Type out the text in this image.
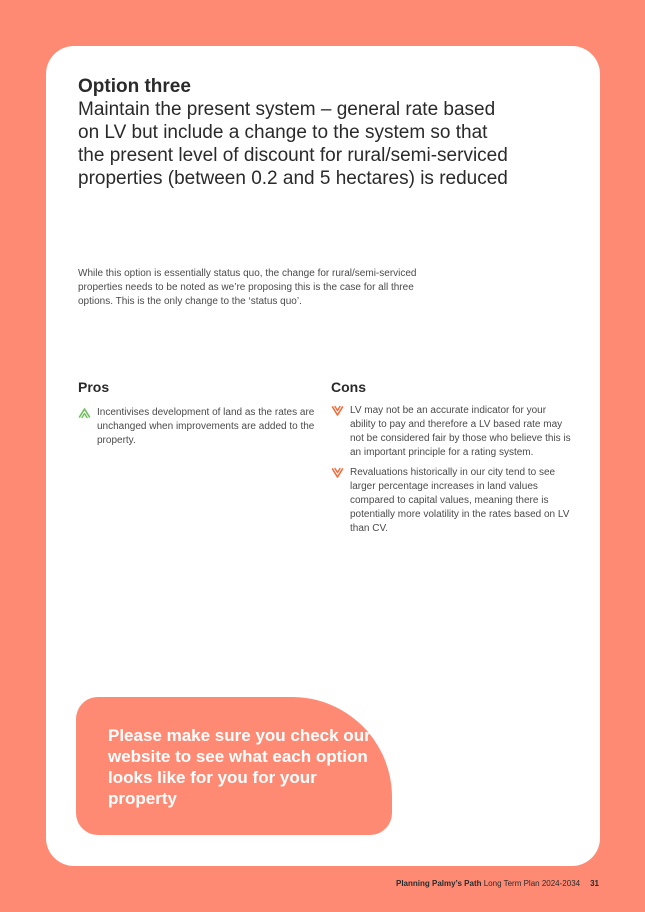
Option three

Maintain the present system – general rate based on LV but include a change to the system so that the present level of discount for rural/semi-serviced properties (between 0.2 and 5 hectares) is reduced

While this option is essentially status quo, the change for rural/semi-serviced properties needs to be noted as we’re proposing this is the case for all three options. This is the only change to the ‘status quo’.

Pros
Incentivises development of land as the rates are unchanged when improvements are added to the property.
Cons
LV may not be an accurate indicator for your ability to pay and therefore a LV based rate may not be considered fair by those who believe this is an important principle for a rating system.
Revaluations historically in our city tend to see larger percentage increases in land values compared to capital values, meaning there is potentially more volatility in the rates based on LV than CV.

Please make sure you check our website to see what each option looks like for you for your property

Planning Palmy’s Path Long Term Plan 2024-2034 31
